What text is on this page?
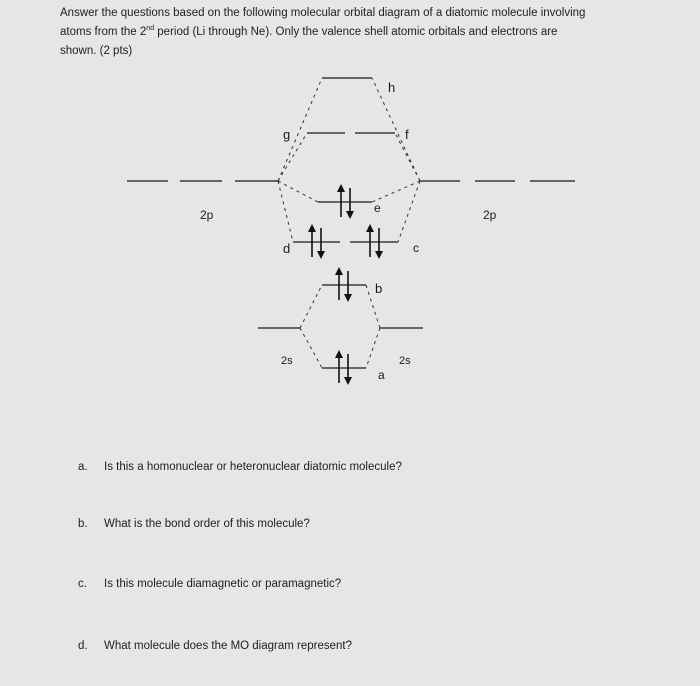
Answer the questions based on the following molecular orbital diagram of a diatomic molecule involving
atoms from the 2nd period (Li through Ne). Only the valence shell atomic orbitals and electrons are
shown. (2 pts)
2p	2p
2s	2s
h
g	f
e
d	c
b
a
a. Is this a homonuclear or heteronuclear diatomic molecule?
b. What is the bond order of this molecule?
c. Is this molecule diamagnetic or paramagnetic?
d. What molecule does the MO diagram represent?
